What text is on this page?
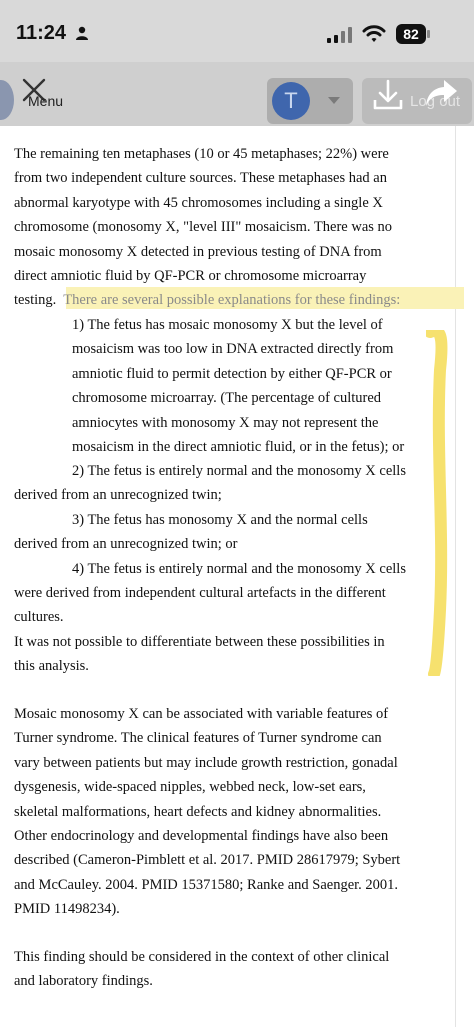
11:24	82
Menu	T	Log out
The remaining ten metaphases (10 or 45 metaphases; 22%) were
from two independent culture sources. These metaphases had an
abnormal karyotype with 45 chromosomes including a single X
chromosome (monosomy X, "level III" mosaicism. There was no
mosaic monosomy X detected in previous testing of DNA from
direct amniotic fluid by QF-PCR or chromosome microarray
testing.  There are several possible explanations for these findings:
1) The fetus has mosaic monosomy X but the level of
mosaicism was too low in DNA extracted directly from
amniotic fluid to permit detection by either QF-PCR or
chromosome microarray. (The percentage of cultured
amniocytes with monosomy X may not represent the
mosaicism in the direct amniotic fluid, or in the fetus); or
2) The fetus is entirely normal and the monosomy X cells
derived from an unrecognized twin;
3) The fetus has monosomy X and the normal cells
derived from an unrecognized twin; or
4) The fetus is entirely normal and the monosomy X cells
were derived from independent cultural artefacts in the different
cultures.
It was not possible to differentiate between these possibilities in
this analysis.
Mosaic monosomy X can be associated with variable features of
Turner syndrome. The clinical features of Turner syndrome can
vary between patients but may include growth restriction, gonadal
dysgenesis, wide-spaced nipples, webbed neck, low-set ears,
skeletal malformations, heart defects and kidney abnormalities.
Other endocrinology and developmental findings have also been
described (Cameron-Pimblett et al. 2017. PMID 28617979; Sybert
and McCauley. 2004. PMID 15371580; Ranke and Saenger. 2001.
PMID 11498234).
This finding should be considered in the context of other clinical
and laboratory findings.
